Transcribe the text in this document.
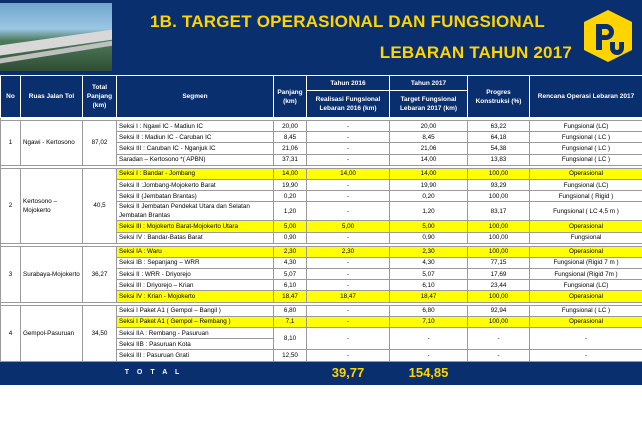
1B. TARGET OPERASIONAL DAN FUNGSIONAL
LEBARAN TAHUN 2017
No	Ruas Jalan Tol	Total Panjang (km)	Segmen	Panjang (km)	Tahun 2016	Tahun 2017	Progres Konstruksi (%)	Rencana Operasi Lebaran 2017
					Realisasi Fungsional Lebaran 2016 (km)	Target Fungsional Lebaran 2017 (km)		

1	Ngawi - Kertosono	87,02	Seksi I : Ngawi IC - Madiun IC	20,00	-	20,00	63,22	Fungsional (LC)
			Seksi II : Madiun IC - Caruban IC	8,45	-	8,45	64,18	Fungsional ( LC )
			Seksi III : Caruban IC - Nganjuk IC	21,06	-	21,06	54,38	Fungsional ( LC )
			Saradan – Kertosono *( APBN)	37,31	-	14,00	13,83	Fungsional ( LC )

2	Kertosono – Mojokerto	40,5	Seksi I : Bandar - Jombang	14,00	14,00	14,00	100,00	Operasional
			Seksi II :Jombang-Mojokerto Barat	19,90	-	19,90	93,29	Fungsional (LC)
			Seksi II (Jembatan Brantas)	0,20	-	0,20	100,00	Fungsional ( Rigid )
			Seksi II Jembatan Pendekat Utara dan Selatan Jembatan Brantas	1,20	-	1,20	83,17	Fungsional ( LC 4,5 m )
			Seksi III : Mojokerto Barat-Mojokerto Utara	5,00	5,00	5,00	100,00	Operasional
			Seksi IV : Bandar-Batas Barat	0,90	-	0,90	100,00	Fungsional

3	Surabaya-Mojokerto	36,27	Seksi IA : Waru	2,30	2,30	2,30	100,00	Operasional
			Seksi IB : Sepanjang – WRR	4,30	-	4,30	77,15	Fungsional (Rigid 7 m )
			Seksi II : WRR - Driyorejo	5,07	-	5,07	17,69	Fungsional (Rigid 7m )
			Seksi III : Driyorejo – Krian	6,10	-	6,10	23,44	Fungsional (LC)
			Seksi IV : Krian - Mojokerto	18,47	18,47	18,47	100,00	Operasional

4	Gempol-Pasuruan	34,50	Seksi I Paket A1 ( Gempol – Bangil )	6,80	-	6,80	92,94	Fungsional ( LC )
			Seksi I Paket A1 ( Gempol – Rembang )	7,1	-	7,10	100,00	Operasional
			Seksi IIA : Rembang - Pasuruan	8,10	-	-	-	-
			Seksi IIB : Pasuruan Kota					
			Seksi III : Pasuruan Grati	12,50	-	-	-	-
T O T A L					39,77	154,85		
